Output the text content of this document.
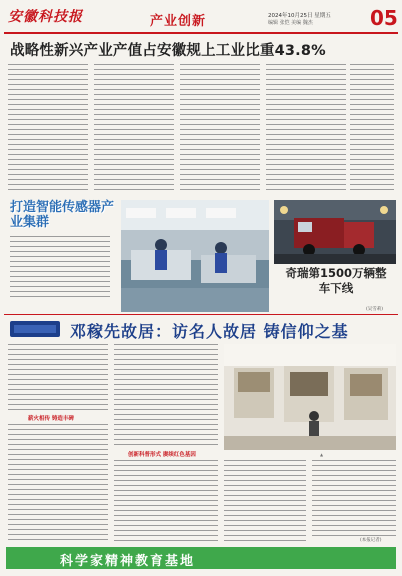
安徽科技报	产业创新	2024年10月25日 星期五
编辑 张恺 美编 魏杰	05
战略性新兴产业产值占安徽规上工业比重43.8%
打造智能传感器产业集群
奇瑞第1500万辆整车下线
(吴雪莉)
邓稼先故居：访名人故居 铸信仰之基
薪火相传 铸造丰碑
创新科普形式 赓续红色基因	▲
(本报记者)
科学家精神教育基地
